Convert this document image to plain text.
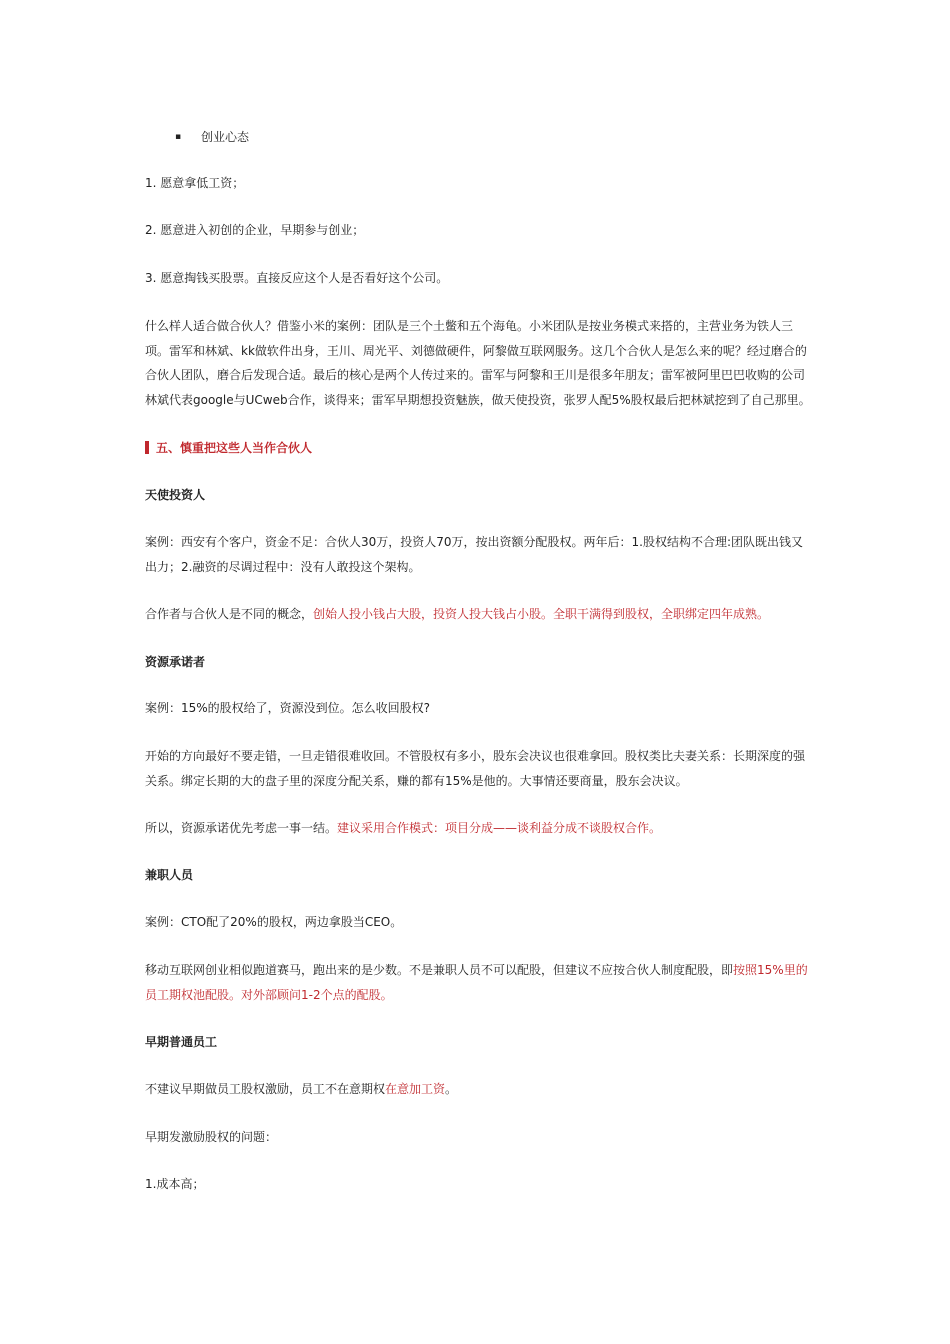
▪ 创业心态
1. 愿意拿低工资；
2. 愿意进入初创的企业，早期参与创业；
3. 愿意掏钱买股票。直接反应这个人是否看好这个公司。
什么样人适合做合伙人？借鉴小米的案例：团队是三个土鳖和五个海龟。小米团队是按业务模式来搭的，主营业务为铁人三项。雷军和林斌、kk做软件出身，王川、周光平、刘德做硬件，阿黎做互联网服务。这几个合伙人是怎么来的呢？经过磨合的合伙人团队，磨合后发现合适。最后的核心是两个人传过来的。雷军与阿黎和王川是很多年朋友；雷军被阿里巴巴收购的公司林斌代表google与UCweb合作，谈得来；雷军早期想投资魅族，做天使投资，张罗人配5%股权最后把林斌挖到了自己那里。
五、慎重把这些人当作合伙人
天使投资人
案例：西安有个客户，资金不足：合伙人30万，投资人70万，按出资额分配股权。两年后：1.股权结构不合理:团队既出钱又出力；2.融资的尽调过程中：没有人敢投这个架构。
合作者与合伙人是不同的概念，创始人投小钱占大股，投资人投大钱占小股。全职干满得到股权，全职绑定四年成熟。
资源承诺者
案例：15%的股权给了，资源没到位。怎么收回股权?
开始的方向最好不要走错，一旦走错很难收回。不管股权有多小，股东会决议也很难拿回。股权类比夫妻关系：长期深度的强关系。绑定长期的大的盘子里的深度分配关系，赚的都有15%是他的。大事情还要商量，股东会决议。
所以，资源承诺优先考虑一事一结。建议采用合作模式：项目分成——谈利益分成不谈股权合作。
兼职人员
案例：CTO配了20%的股权，两边拿股当CEO。
移动互联网创业相似跑道赛马，跑出来的是少数。不是兼职人员不可以配股，但建议不应按合伙人制度配股，即按照15%里的员工期权池配股。对外部顾问1-2个点的配股。
早期普通员工
不建议早期做员工股权激励，员工不在意期权在意加工资。
早期发激励股权的问题：
1.成本高；
